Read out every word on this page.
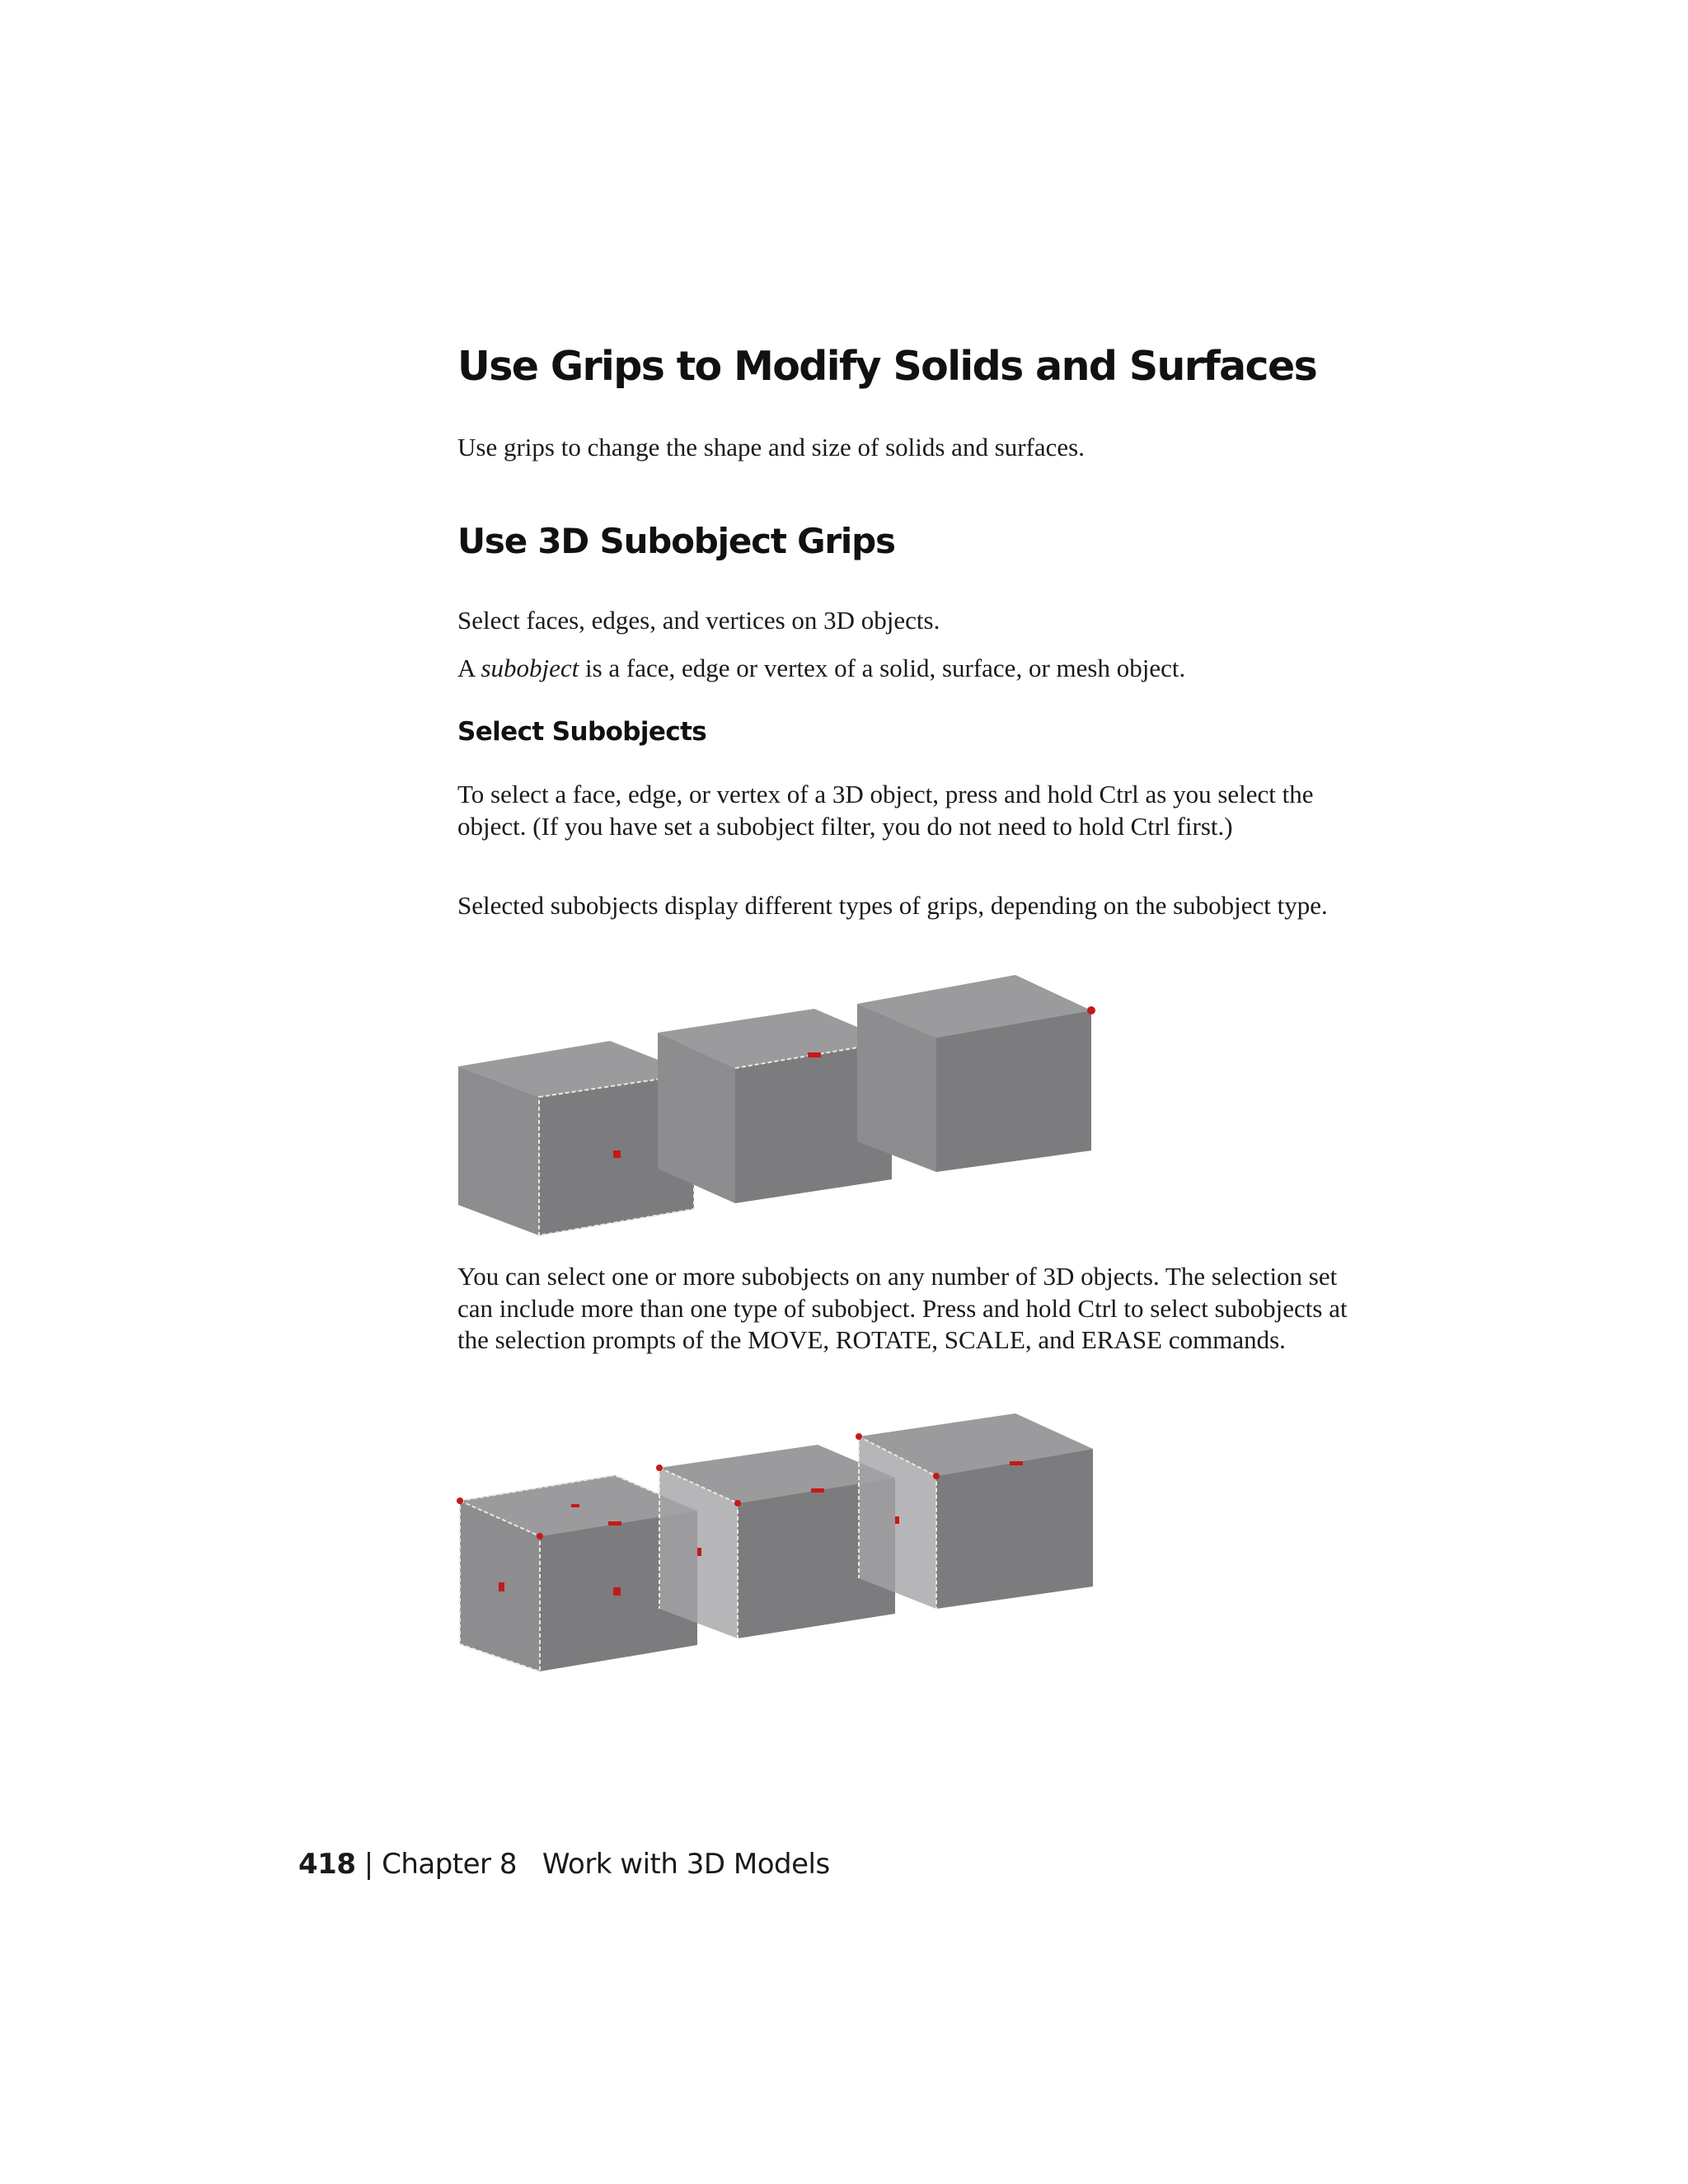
Use Grips to Modify Solids and Surfaces

Use grips to change the shape and size of solids and surfaces.

Use 3D Subobject Grips

Select faces, edges, and vertices on 3D objects.

A subobject is a face, edge or vertex of a solid, surface, or mesh object.

Select Subobjects

To select a face, edge, or vertex of a 3D object, press and hold Ctrl as you select the object. (If you have set a subobject filter, you do not need to hold Ctrl first.)

Selected subobjects display different types of grips, depending on the subobject type.

You can select one or more subobjects on any number of 3D objects. The selection set can include more than one type of subobject. Press and hold Ctrl to select subobjects at the selection prompts of the MOVE, ROTATE, SCALE, and ERASE commands.

418 | Chapter 8 Work with 3D Models
